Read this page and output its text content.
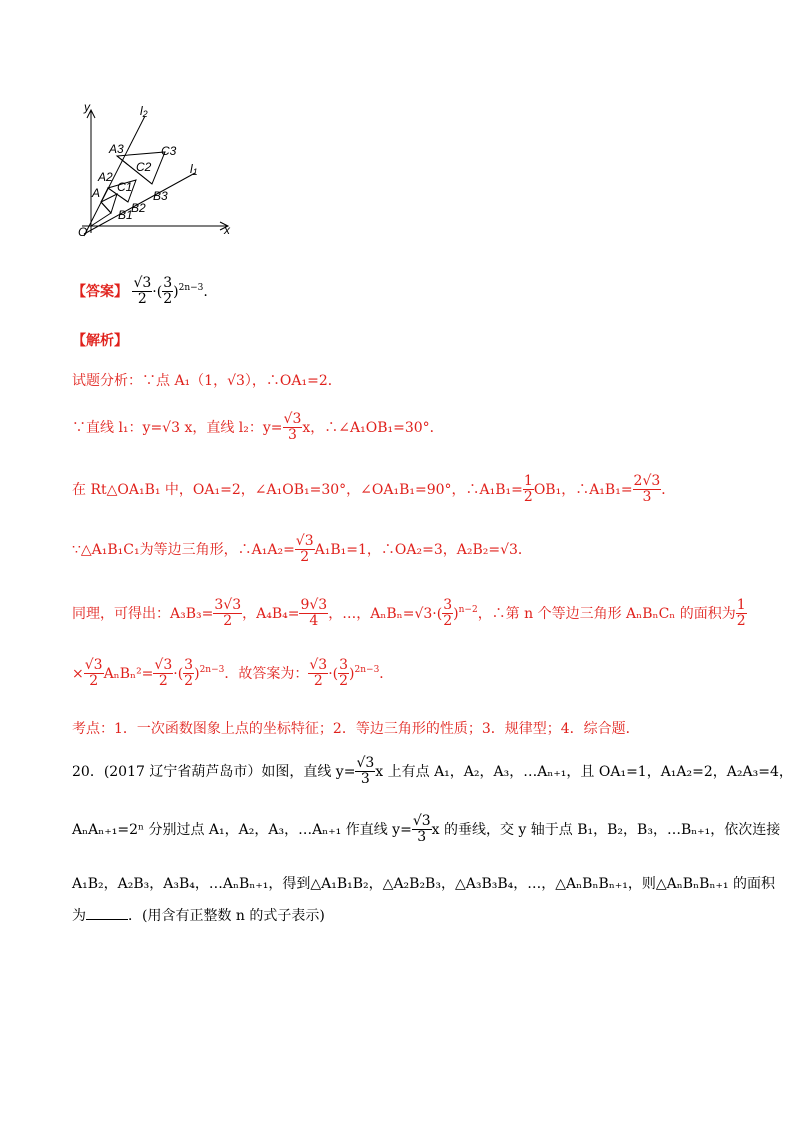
y
x
O
$l_2$
$l_1$
A3
A2
A
B1
B2
B3
C1
C2
C3
【答案】 $\frac{√3}{2}$ ·( $\frac{3}{2} )^{2n-3}$.
【解析】
试题分析：∵点 A₁（1，√3），∴OA₁=2．
∵直线 l₁：y=√3 x，直线 l₂：$y= \frac{√3}{3}$ x，∴∠A₁OB₁=30°．
在 Rt△OA₁B₁ 中，OA₁=2，∠A₁OB₁=30°，∠OA₁B₁=90°，∴A₁B₁= $\frac{1}{2} OB_1$，∴A₁B₁= $\frac{2√3}{3}$ ．
∵△A₁B₁C₁为等边三角形，∴A₁A₂= $\frac{√3}{2} A_1B_1=1$，∴OA₂=3，A₂B₂=√3．
同理，可得出：$A_3B_3= \frac{3√3}{2}$ ，$A_4B_4= \frac{9√3}{4}$ ，…，$A_nB_n=√3\cdot( \frac{3}{2} )^{n-2}$，∴第 n 个等边三角形 AₙBₙCₙ 的面积为 $\frac{1}{2}$
× $\frac{√3}{2} A_nB_n^2= \frac{√3}{2}$ ·( $\frac{3}{2} )^{2n-3}$．故答案为： $\frac{√3}{2}$ ·( $\frac{3}{2} )^{2n-3}$．
考点：1．一次函数图象上点的坐标特征；2．等边三角形的性质；3．规律型；4．综合题．
20．(2017 辽宁省葫芦岛市）如图，直线 $y= \frac{√3}{3}$ x 上有点 A₁，A₂，A₃，…Aₙ₊₁，且 OA₁=1，A₁A₂=2，A₂A₃=4，
AₙAₙ₊₁=2ⁿ 分别过点 A₁，A₂，A₃，…Aₙ₊₁ 作直线 $y= \frac{√3}{3}$ x 的垂线，交 y 轴于点 B₁，B₂，B₃，…Bₙ₊₁，依次连接
A₁B₂，A₂B₃，A₃B₄，…AₙBₙ₊₁，得到△A₁B₁B₂，△A₂B₂B₃，△A₃B₃B₄，…，△AₙBₙBₙ₊₁，则△AₙBₙBₙ₊₁ 的面积
为	．(用含有正整数 n 的式子表示)
